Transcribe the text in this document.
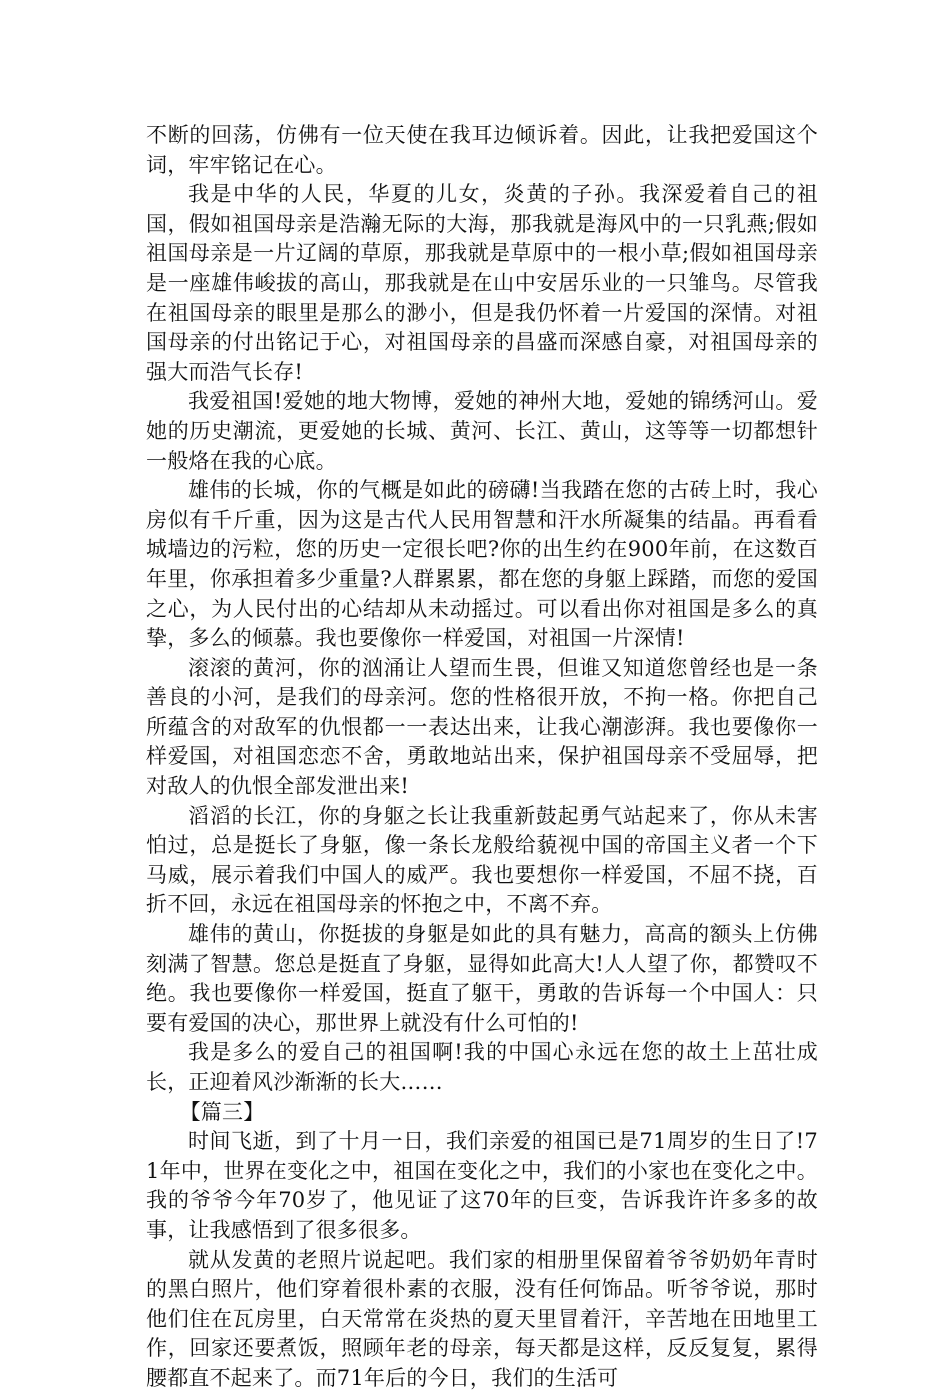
不断的回荡，仿佛有一位天使在我耳边倾诉着。因此，让我把爱国这个词，牢牢铭记在心。

我是中华的人民，华夏的儿女，炎黄的子孙。我深爱着自己的祖国，假如祖国母亲是浩瀚无际的大海，那我就是海风中的一只乳燕;假如祖国母亲是一片辽阔的草原，那我就是草原中的一根小草;假如祖国母亲是一座雄伟峻拔的高山，那我就是在山中安居乐业的一只雏鸟。尽管我在祖国母亲的眼里是那么的渺小，但是我仍怀着一片爱国的深情。对祖国母亲的付出铭记于心，对祖国母亲的昌盛而深感自豪，对祖国母亲的强大而浩气长存!

我爱祖国!爱她的地大物博，爱她的神州大地，爱她的锦绣河山。爱她的历史潮流，更爱她的长城、黄河、长江、黄山，这等等一切都想针一般烙在我的心底。

雄伟的长城，你的气概是如此的磅礴!当我踏在您的古砖上时，我心房似有千斤重，因为这是古代人民用智慧和汗水所凝集的结晶。再看看城墙边的污粒，您的历史一定很长吧?你的出生约在900年前，在这数百年里，你承担着多少重量?人群累累，都在您的身躯上踩踏，而您的爱国之心，为人民付出的心结却从未动摇过。可以看出你对祖国是多么的真挚，多么的倾慕。我也要像你一样爱国，对祖国一片深情!

滚滚的黄河，你的汹涌让人望而生畏，但谁又知道您曾经也是一条善良的小河，是我们的母亲河。您的性格很开放，不拘一格。你把自己所蕴含的对敌军的仇恨都一一表达出来，让我心潮澎湃。我也要像你一样爱国，对祖国恋恋不舍，勇敢地站出来，保护祖国母亲不受屈辱，把对敌人的仇恨全部发泄出来!

滔滔的长江，你的身躯之长让我重新鼓起勇气站起来了，你从未害怕过，总是挺长了身躯，像一条长龙般给藐视中国的帝国主义者一个下马威，展示着我们中国人的威严。我也要想你一样爱国，不屈不挠，百折不回，永远在祖国母亲的怀抱之中，不离不弃。

雄伟的黄山，你挺拔的身躯是如此的具有魅力，高高的额头上仿佛刻满了智慧。您总是挺直了身躯，显得如此高大!人人望了你，都赞叹不绝。我也要像你一样爱国，挺直了躯干，勇敢的告诉每一个中国人：只要有爱国的决心，那世界上就没有什么可怕的!

我是多么的爱自己的祖国啊!我的中国心永远在您的故土上茁壮成长，正迎着风沙渐渐的长大……

【篇三】

时间飞逝，到了十月一日，我们亲爱的祖国已是71周岁的生日了!71年中，世界在变化之中，祖国在变化之中，我们的小家也在变化之中。我的爷爷今年70岁了，他见证了这70年的巨变，告诉我许许多多的故事，让我感悟到了很多很多。

就从发黄的老照片说起吧。我们家的相册里保留着爷爷奶奶年青时的黑白照片，他们穿着很朴素的衣服，没有任何饰品。听爷爷说，那时他们住在瓦房里，白天常常在炎热的夏天里冒着汗，辛苦地在田地里工作，回家还要煮饭，照顾年老的母亲，每天都是这样，反反复复，累得腰都直不起来了。而71年后的今日，我们的生活可
